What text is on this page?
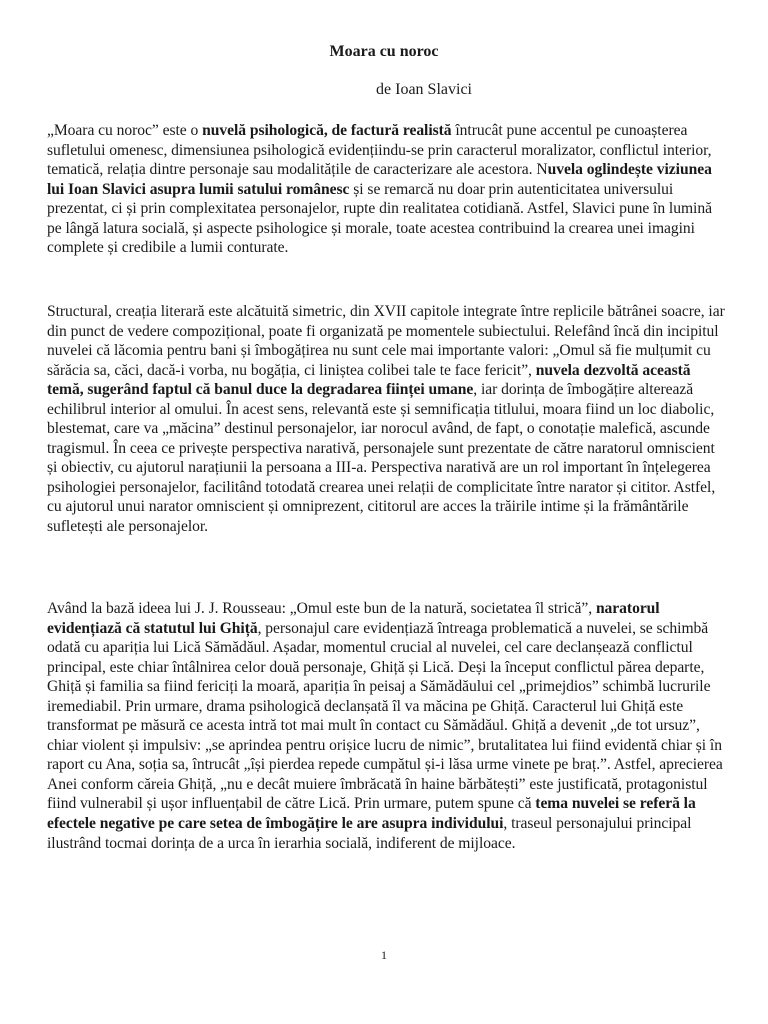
Moara cu noroc
de Ioan Slavici

„Moara cu noroc” este o nuvelă psihologică, de factură realistă întrucât pune accentul pe cunoașterea sufletului omenesc, dimensiunea psihologică evidențiindu-se prin caracterul moralizator, conflictul interior, tematică, relația dintre personaje sau modalitățile de caracterizare ale acestora. Nuvela oglindește viziunea lui Ioan Slavici asupra lumii satului românesc și se remarcă nu doar prin autenticitatea universului prezentat, ci și prin complexitatea personajelor, rupte din realitatea cotidiană. Astfel, Slavici pune în lumină pe lângă latura socială, și aspecte psihologice și morale, toate acestea contribuind la crearea unei imagini complete și credibile a lumii conturate.

Structural, creația literară este alcătuită simetric, din XVII capitole integrate între replicile bătrânei soacre, iar din punct de vedere compozițional, poate fi organizată pe momentele subiectului. Relefând încă din incipitul nuvelei că lăcomia pentru bani și îmbogățirea nu sunt cele mai importante valori: „Omul să fie mulțumit cu sărăcia sa, căci, dacă-i vorba, nu bogăția, ci liniștea colibei tale te face fericit”, nuvela dezvoltă această temă, sugerând faptul că banul duce la degradarea ființei umane, iar dorința de îmbogățire alterează echilibrul interior al omului. În acest sens, relevantă este și semnificația titlului, moara fiind un loc diabolic, blestemat, care va „măcina” destinul personajelor, iar norocul având, de fapt, o conotație malefică, ascunde tragismul. În ceea ce privește perspectiva narativă, personajele sunt prezentate de către naratorul omniscient și obiectiv, cu ajutorul narațiunii la persoana a III-a. Perspectiva narativă are un rol important în înțelegerea psihologiei personajelor, facilitând totodată crearea unei relații de complicitate între narator și cititor. Astfel, cu ajutorul unui narator omniscient și omniprezent, cititorul are acces la trăirile intime și la frământările sufletești ale personajelor.

Având la bază ideea lui J. J. Rousseau: „Omul este bun de la natură, societatea îl strică”, naratorul evidențiază că statutul lui Ghiță, personajul care evidențiază întreaga problematică a nuvelei, se schimbă odată cu apariția lui Lică Sămădăul. Așadar, momentul crucial al nuvelei, cel care declanșează conflictul principal, este chiar întâlnirea celor două personaje, Ghiță și Lică. Deși la început conflictul părea departe, Ghiță și familia sa fiind fericiți la moară, apariția în peisaj a Sămădăului cel „primejdios” schimbă lucrurile iremediabil. Prin urmare, drama psihologică declanșată îl va măcina pe Ghiță. Caracterul lui Ghiță este transformat pe măsură ce acesta intră tot mai mult în contact cu Sămădăul. Ghiță a devenit „de tot ursuz”, chiar violent și impulsiv: „se aprindea pentru orișice lucru de nimic”, brutalitatea lui fiind evidentă chiar și în raport cu Ana, soția sa, întrucât „își pierdea repede cumpătul și-i lăsa urme vinete pe braț.”. Astfel, aprecierea Anei conform căreia Ghiță, „nu e decât muiere îmbrăcată în haine bărbătești” este justificată, protagonistul fiind vulnerabil și ușor influențabil de către Lică. Prin urmare, putem spune că tema nuvelei se referă la efectele negative pe care setea de îmbogățire le are asupra individului, traseul personajului principal ilustrând tocmai dorința de a urca în ierarhia socială, indiferent de mijloace.

1
